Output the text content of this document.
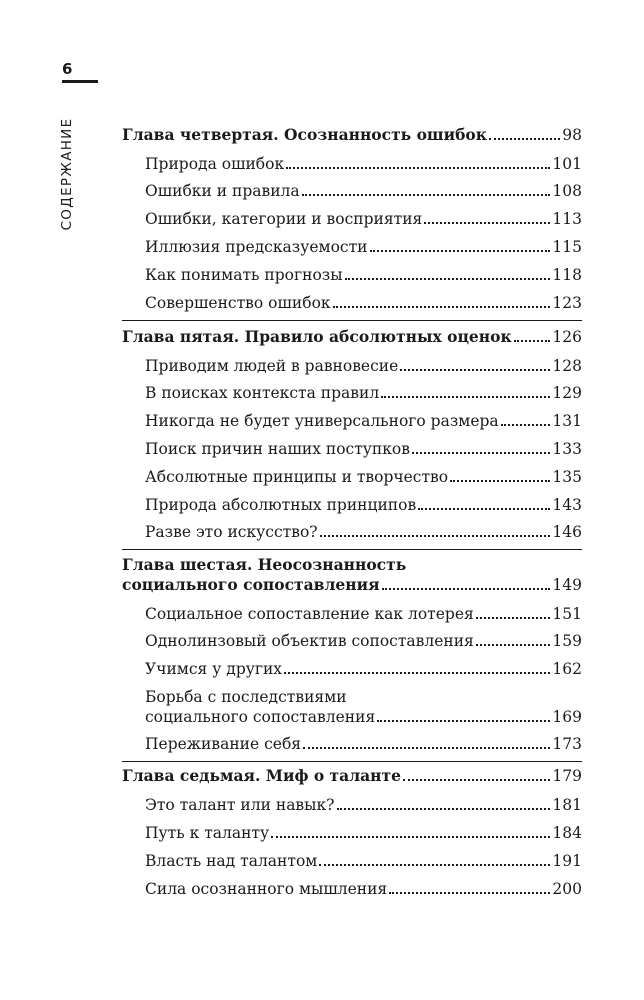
6
СОДЕРЖАНИЕ	Глава четвертая. Осознанность ошибок	98
Природа ошибок	101
Ошибки и правила	108
Ошибки, категории и восприятия	113
Иллюзия предсказуемости	115
Как понимать прогнозы	118
Совершенство ошибок	123
Глава пятая. Правило абсолютных оценок	126
Приводим людей в равновесие	128
В поисках контекста правил	129
Никогда не будет универсального размера	131
Поиск причин наших поступков	133
Абсолютные принципы и творчество	135
Природа абсолютных принципов	143
Разве это искусство?	146
Глава шестая. Неосознанность
социального сопоставления	149
Социальное сопоставление как лотерея	151
Однолинзовый объектив сопоставления	159
Учимся у других	162
Борьба с последствиями
социального сопоставления	169
Переживание себя	173
Глава седьмая. Миф о таланте	179
Это талант или навык?	181
Путь к таланту	184
Власть над талантом	191
Сила осознанного мышления	200
